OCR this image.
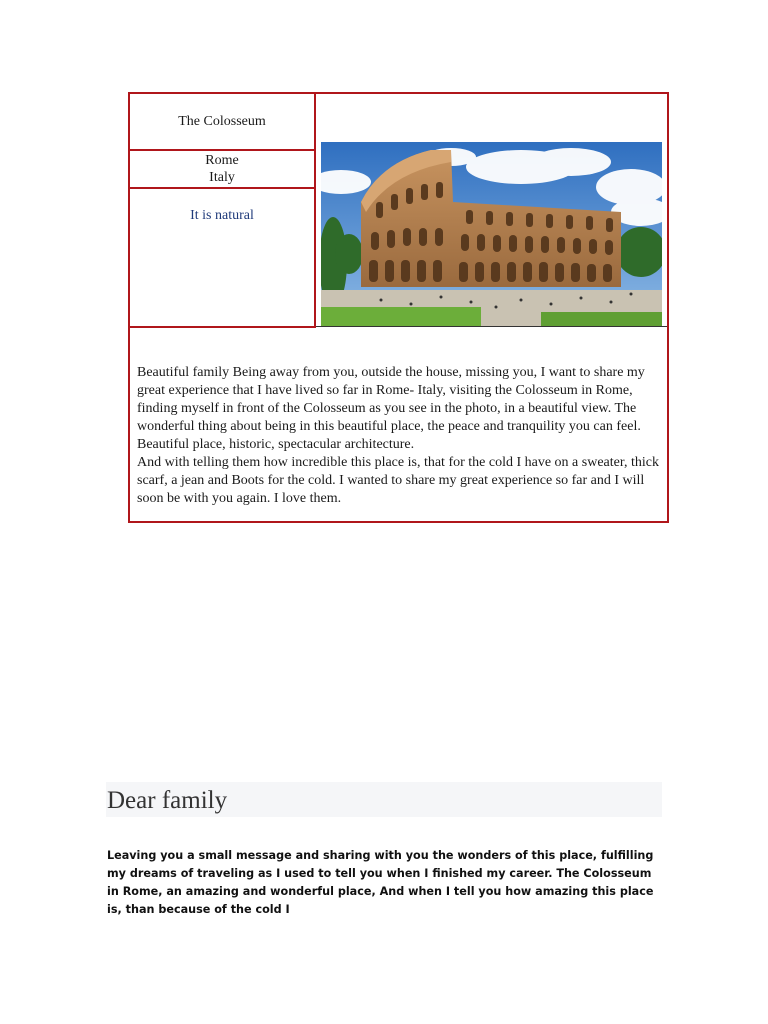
The Colosseum
Rome
Italy
It is natural

Beautiful family Being away from you, outside the house, missing you, I want to share my great experience that I have lived so far in Rome- Italy, visiting the Colosseum in Rome, finding myself in front of the Colosseum as you see in the photo, in a beautiful view. The wonderful thing about being in this beautiful place, the peace and tranquility you can feel. Beautiful place, historic, spectacular architecture.

And with telling them how incredible this place is, that for the cold I have on a sweater, thick scarf, a jean and Boots for the cold. I wanted to share my great experience so far and I will soon be with you again. I love them.

Dear family
Leaving you a small message and sharing with you the wonders of this place, fulfilling my dreams of traveling as I used to tell you when I finished my career. The Colosseum in Rome, an amazing and wonderful place, And when I tell you how amazing this place is, than because of the cold I
